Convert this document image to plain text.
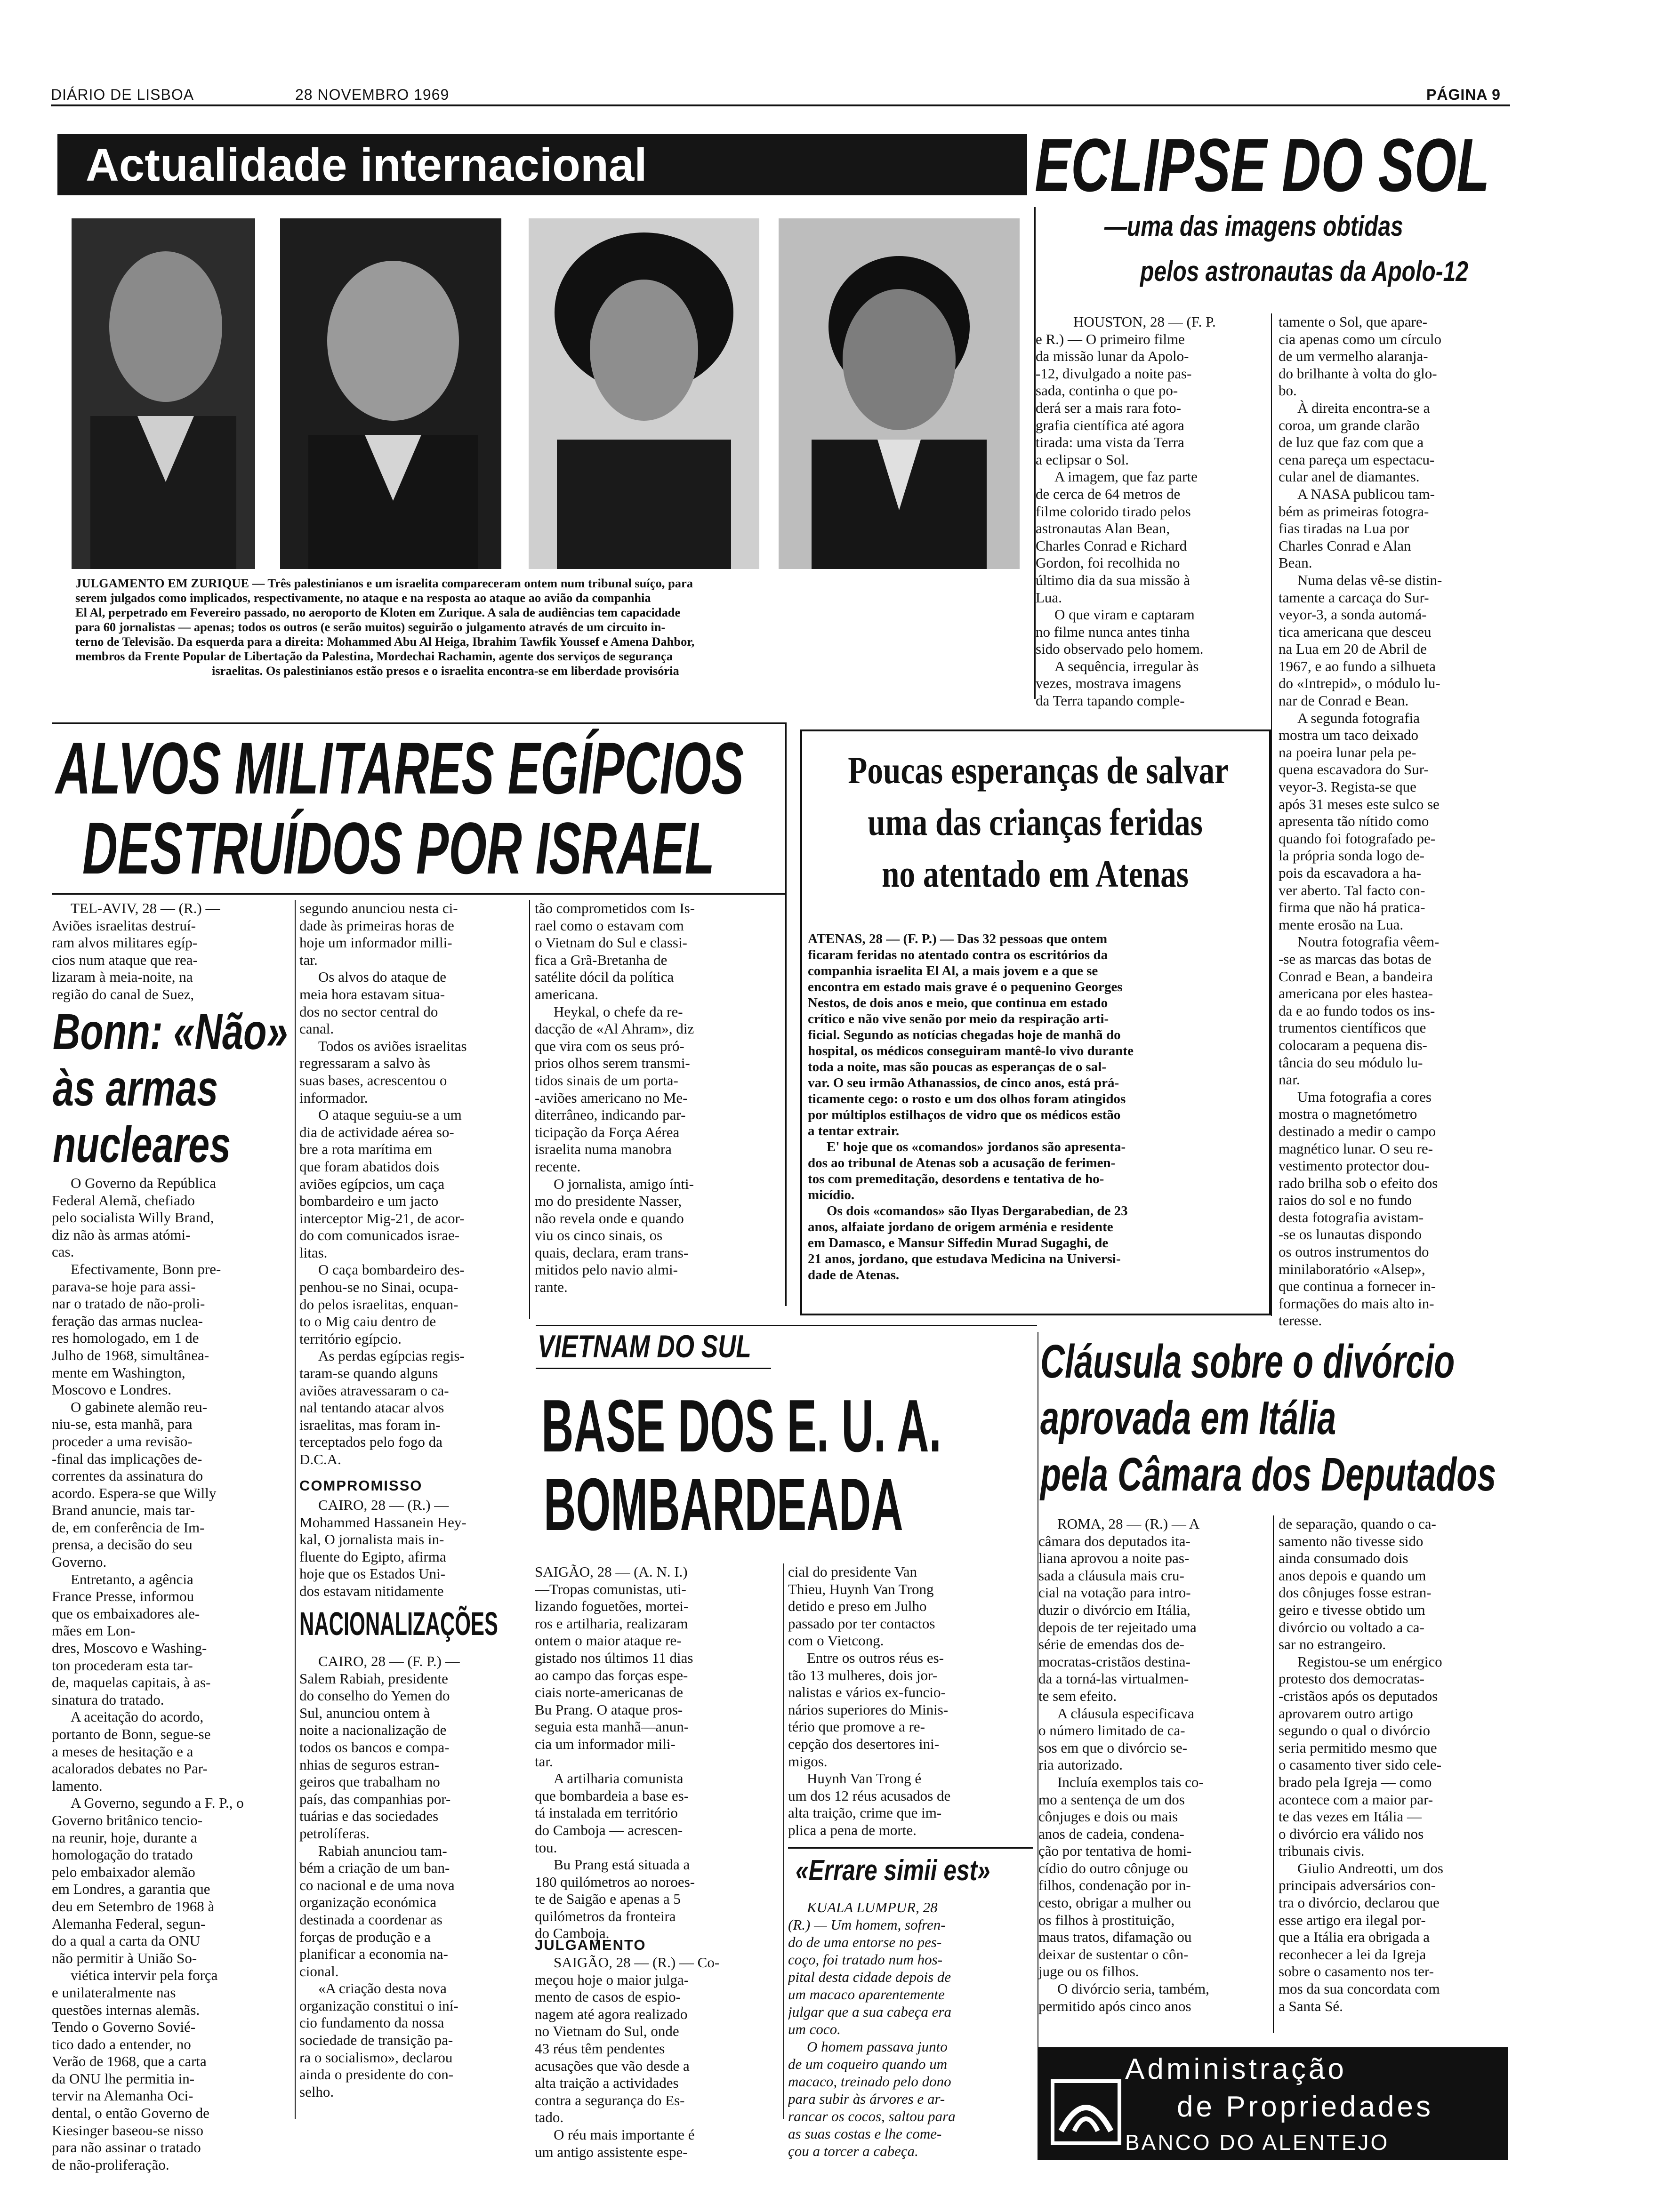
DIÁRIO DE LISBOA	28 NOVEMBRO 1969	PÁGINA 9
Actualidade internacional	ECLIPSE DO SOL
—uma das imagens obtidas
pelos astronautas da Apolo-12
JULGAMENTO EM ZURIQUE — Três palestinianos e um israelita compareceram ontem num tribunal suíço, para
serem julgados como implicados, respectivamente, no ataque e na resposta ao ataque ao avião da companhia
El Al, perpetrado em Fevereiro passado, no aeroporto de Kloten em Zurique. A sala de audiências tem capacidade
para 60 jornalistas — apenas; todos os outros (e serão muitos) seguirão o julgamento através de um circuito in-
terno de Televisão. Da esquerda para a direita: Mohammed Abu Al Heiga, Ibrahim Tawfik Youssef e Amena Dahbor,
membros da Frente Popular de Libertação da Palestina, Mordechai Rachamin, agente dos serviços de segurança
israelitas. Os palestinianos estão presos e o israelita encontra-se em liberdade provisória
HOUSTON, 28 — (F. P.
e R.) — O primeiro filme
da missão lunar da Apolo-
-12, divulgado a noite pas-
sada, continha o que po-
derá ser a mais rara foto-
grafia científica até agora
tirada: uma vista da Terra
a eclipsar o Sol.
A imagem, que faz parte
de cerca de 64 metros de
filme colorido tirado pelos
astronautas Alan Bean,
Charles Conrad e Richard
Gordon, foi recolhida no
último dia da sua missão à
Lua.
O que viram e captaram
no filme nunca antes tinha
sido observado pelo homem.
A sequência, irregular às
vezes, mostrava imagens
da Terra tapando comple-
tamente o Sol, que apare-
cia apenas como um círculo
de um vermelho alaranja-
do brilhante à volta do glo-
bo.
À direita encontra-se a
coroa, um grande clarão
de luz que faz com que a
cena pareça um espectacu-
cular anel de diamantes.
A NASA publicou tam-
bém as primeiras fotogra-
fias tiradas na Lua por
Charles Conrad e Alan
Bean.
Numa delas vê-se distin-
tamente a carcaça do Sur-
veyor-3, a sonda automá-
tica americana que desceu
na Lua em 20 de Abril de
1967, e ao fundo a silhueta
do «Intrepid», o módulo lu-
nar de Conrad e Bean.
A segunda fotografia
mostra um taco deixado
na poeira lunar pela pe-
quena escavadora do Sur-
veyor-3. Regista-se que
após 31 meses este sulco se
apresenta tão nítido como
quando foi fotografado pe-
la própria sonda logo de-
pois da escavadora a ha-
ver aberto. Tal facto con-
firma que não há pratica-
mente erosão na Lua.
Noutra fotografia vêem-
-se as marcas das botas de
Conrad e Bean, a bandeira
americana por eles hastea-
da e ao fundo todos os ins-
trumentos científicos que
colocaram a pequena dis-
tância do seu módulo lu-
nar.
Uma fotografia a cores
mostra o magnetómetro
destinado a medir o campo
magnético lunar. O seu re-
vestimento protector dou-
rado brilha sob o efeito dos
raios do sol e no fundo
desta fotografia avistam-
-se os lunautas dispondo
os outros instrumentos do
minilaboratório «Alsep»,
que continua a fornecer in-
formações do mais alto in-
teresse.
ALVOS MILITARES EGÍPCIOS
DESTRUÍDOS POR ISRAEL
TEL-AVIV, 28 — (R.) —
Aviões israelitas destruí-
ram alvos militares egíp-
cios num ataque que rea-
lizaram à meia-noite, na
região do canal de Suez,
Bonn: «Não»
às armas
nucleares
O Governo da República
Federal Alemã, chefiado
pelo socialista Willy Brand,
diz não às armas atómi-
cas.
Efectivamente, Bonn pre-
parava-se hoje para assi-
nar o tratado de não-proli-
feração das armas nuclea-
res homologado, em 1 de
Julho de 1968, simultânea-
mente em Washington,
Moscovo e Londres.
O gabinete alemão reu-
niu-se, esta manhã, para
proceder a uma revisão-
-final das implicações de-
correntes da assinatura do
acordo. Espera-se que Willy
Brand anuncie, mais tar-
de, em conferência de Im-
prensa, a decisão do seu
Governo.
Entretanto, a agência
France Presse, informou
que os embaixadores ale-
mães em Lon-
dres, Moscovo e Washing-
ton procederam esta tar-
de, maquelas capitais, à as-
sinatura do tratado.
A aceitação do acordo,
portanto de Bonn, segue-se
a meses de hesitação e a
acalorados debates no Par-
lamento.
A Governo, segundo a F. P., o
Governo britânico tencio-
na reunir, hoje, durante a
homologação do tratado
pelo embaixador alemão
em Londres, a garantia que
deu em Setembro de 1968 à
Alemanha Federal, segun-
do a qual a carta da ONU
não permitir à União So-
viética intervir pela força
e unilateralmente nas
questões internas alemãs.
Tendo o Governo Sovié-
tico dado a entender, no
Verão de 1968, que a carta
da ONU lhe permitia in-
tervir na Alemanha Oci-
dental, o então Governo de
Kiesinger baseou-se nisso
para não assinar o tratado
de não-proliferação.
segundo anunciou nesta ci-
dade às primeiras horas de
hoje um informador milli-
tar.
Os alvos do ataque de
meia hora estavam situa-
dos no sector central do
canal.
Todos os aviões israelitas
regressaram a salvo às
suas bases, acrescentou o
informador.
O ataque seguiu-se a um
dia de actividade aérea so-
bre a rota marítima em
que foram abatidos dois
aviões egípcios, um caça
bombardeiro e um jacto
interceptor Mig-21, de acor-
do com comunicados israe-
litas.
O caça bombardeiro des-
penhou-se no Sinai, ocupa-
do pelos israelitas, enquan-
to o Mig caiu dentro de
território egípcio.
As perdas egípcias regis-
taram-se quando alguns
aviões atravessaram o ca-
nal tentando atacar alvos
israelitas, mas foram in-
terceptados pelo fogo da
D.C.A.
COMPROMISSO
CAIRO, 28 — (R.) —
Mohammed Hassanein Hey-
kal, O jornalista mais in-
fluente do Egipto, afirma
hoje que os Estados Uni-
dos estavam nitidamente
NACIONALIZAÇÕES
CAIRO, 28 — (F. P.) —
Salem Rabiah, presidente
do conselho do Yemen do
Sul, anunciou ontem à
noite a nacionalização de
todos os bancos e compa-
nhias de seguros estran-
geiros que trabalham no
país, das companhias por-
tuárias e das sociedades
petrolíferas.
Rabiah anunciou tam-
bém a criação de um ban-
co nacional e de uma nova
organização económica
destinada a coordenar as
forças de produção e a
planificar a economia na-
cional.
«A criação desta nova
organização constitui o iní-
cio fundamento da nossa
sociedade de transição pa-
ra o socialismo», declarou
ainda o presidente do con-
selho.
tão comprometidos com Is-
rael como o estavam com
o Vietnam do Sul e classi-
fica a Grã-Bretanha de
satélite dócil da política
americana.
Heykal, o chefe da re-
dacção de «Al Ahram», diz
que vira com os seus pró-
prios olhos serem transmi-
tidos sinais de um porta-
-aviões americano no Me-
diterrâneo, indicando par-
ticipação da Força Aérea
israelita numa manobra
recente.
O jornalista, amigo ínti-
mo do presidente Nasser,
não revela onde e quando
viu os cinco sinais, os
quais, declara, eram trans-
mitidos pelo navio almi-
rante.
Poucas esperanças de salvar
uma das crianças feridas
no atentado em Atenas
ATENAS, 28 — (F. P.) — Das 32 pessoas que ontem
ficaram feridas no atentado contra os escritórios da
companhia israelita El Al, a mais jovem e a que se
encontra em estado mais grave é o pequenino Georges
Nestos, de dois anos e meio, que continua em estado
crítico e não vive senão por meio da respiração arti-
ficial. Segundo as notícias chegadas hoje de manhã do
hospital, os médicos conseguiram mantê-lo vivo durante
toda a noite, mas são poucas as esperanças de o sal-
var. O seu irmão Athanassios, de cinco anos, está prá-
ticamente cego: o rosto e um dos olhos foram atingidos
por múltiplos estilhaços de vidro que os médicos estão
a tentar extrair.
E' hoje que os «comandos» jordanos são apresenta-
dos ao tribunal de Atenas sob a acusação de ferimen-
tos com premeditação, desordens e tentativa de ho-
micídio.
Os dois «comandos» são Ilyas Dergarabedian, de 23
anos, alfaiate jordano de origem arménia e residente
em Damasco, e Mansur Siffedin Murad Sugaghi, de
21 anos, jordano, que estudava Medicina na Universi-
dade de Atenas.
VIETNAM DO SUL
BASE DOS E. U. A.
BOMBARDEADA
SAIGÃO, 28 — (A. N. I.)
—Tropas comunistas, uti-
lizando foguetões, mortei-
ros e artilharia, realizaram
ontem o maior ataque re-
gistado nos últimos 11 dias
ao campo das forças espe-
ciais norte-americanas de
Bu Prang. O ataque pros-
seguia esta manhã—anun-
cia um informador mili-
tar.
A artilharia comunista
que bombardeia a base es-
tá instalada em território
do Camboja — acrescen-
tou.
Bu Prang está situada a
180 quilómetros ao noroes-
te de Saigão e apenas a 5
quilómetros da fronteira
do Camboja.
JULGAMENTO
SAIGÃO, 28 — (R.) — Co-
meçou hoje o maior julga-
mento de casos de espio-
nagem até agora realizado
no Vietnam do Sul, onde
43 réus têm pendentes
acusações que vão desde a
alta traição a actividades
contra a segurança do Es-
tado.
O réu mais importante é
um antigo assistente espe-
cial do presidente Van
Thieu, Huynh Van Trong
detido e preso em Julho
passado por ter contactos
com o Vietcong.
Entre os outros réus es-
tão 13 mulheres, dois jor-
nalistas e vários ex-funcio-
nários superiores do Minis-
tério que promove a re-
cepção dos desertores ini-
migos.
Huynh Van Trong é
um dos 12 réus acusados de
alta traição, crime que im-
plica a pena de morte.
«Errare simii est»
KUALA LUMPUR, 28
(R.) — Um homem, sofren-
do de uma entorse no pes-
coço, foi tratado num hos-
pital desta cidade depois de
um macaco aparentemente
julgar que a sua cabeça era
um coco.
O homem passava junto
de um coqueiro quando um
macaco, treinado pelo dono
para subir às árvores e ar-
rancar os cocos, saltou para
as suas costas e lhe come-
çou a torcer a cabeça.
Cláusula sobre o divórcio
aprovada em Itália
pela Câmara dos Deputados
ROMA, 28 — (R.) — A
câmara dos deputados ita-
liana aprovou a noite pas-
sada a cláusula mais cru-
cial na votação para intro-
duzir o divórcio em Itália,
depois de ter rejeitado uma
série de emendas dos de-
mocratas-cristãos destina-
da a torná-las virtualmen-
te sem efeito.
A cláusula especificava
o número limitado de ca-
sos em que o divórcio se-
ria autorizado.
Incluía exemplos tais co-
mo a sentença de um dos
cônjuges e dois ou mais
anos de cadeia, condena-
ção por tentativa de homi-
cídio do outro cônjuge ou
filhos, condenação por in-
cesto, obrigar a mulher ou
os filhos à prostituição,
maus tratos, difamação ou
deixar de sustentar o côn-
juge ou os filhos.
O divórcio seria, também,
permitido após cinco anos
de separação, quando o ca-
samento não tivesse sido
ainda consumado dois
anos depois e quando um
dos cônjuges fosse estran-
geiro e tivesse obtido um
divórcio ou voltado a ca-
sar no estrangeiro.
Registou-se um enérgico
protesto dos democratas-
-cristãos após os deputados
aprovarem outro artigo
segundo o qual o divórcio
seria permitido mesmo que
o casamento tiver sido cele-
brado pela Igreja — como
acontece com a maior par-
te das vezes em Itália —
o divórcio era válido nos
tribunais civis.
Giulio Andreotti, um dos
principais adversários con-
tra o divórcio, declarou que
esse artigo era ilegal por-
que a Itália era obrigada a
reconhecer a lei da Igreja
sobre o casamento nos ter-
mos da sua concordata com
a Santa Sé.
Administração
de Propriedades
BANCO DO ALENTEJO
